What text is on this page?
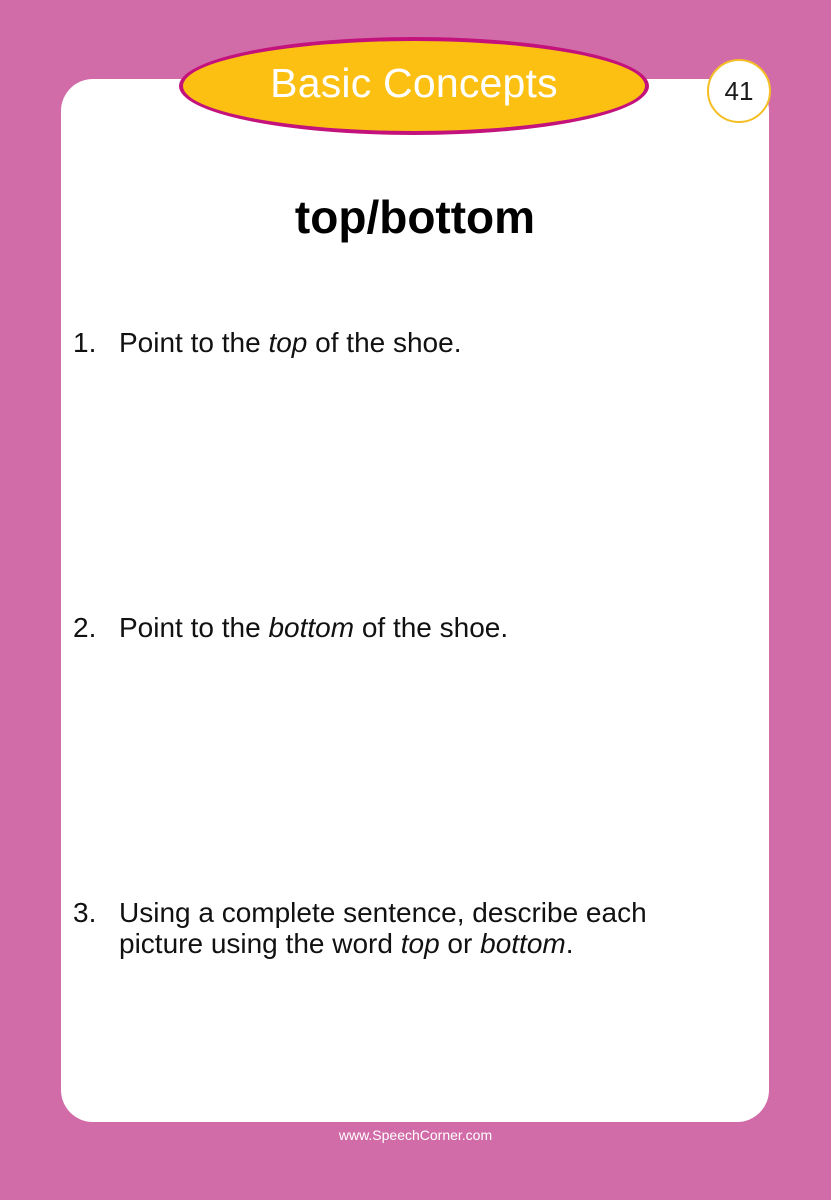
Basic Concepts	41
top/bottom
1. Point to the top of the shoe.
2. Point to the bottom of the shoe.
3. Using a complete sentence, describe each picture using the word top or bottom.
www.SpeechCorner.com
